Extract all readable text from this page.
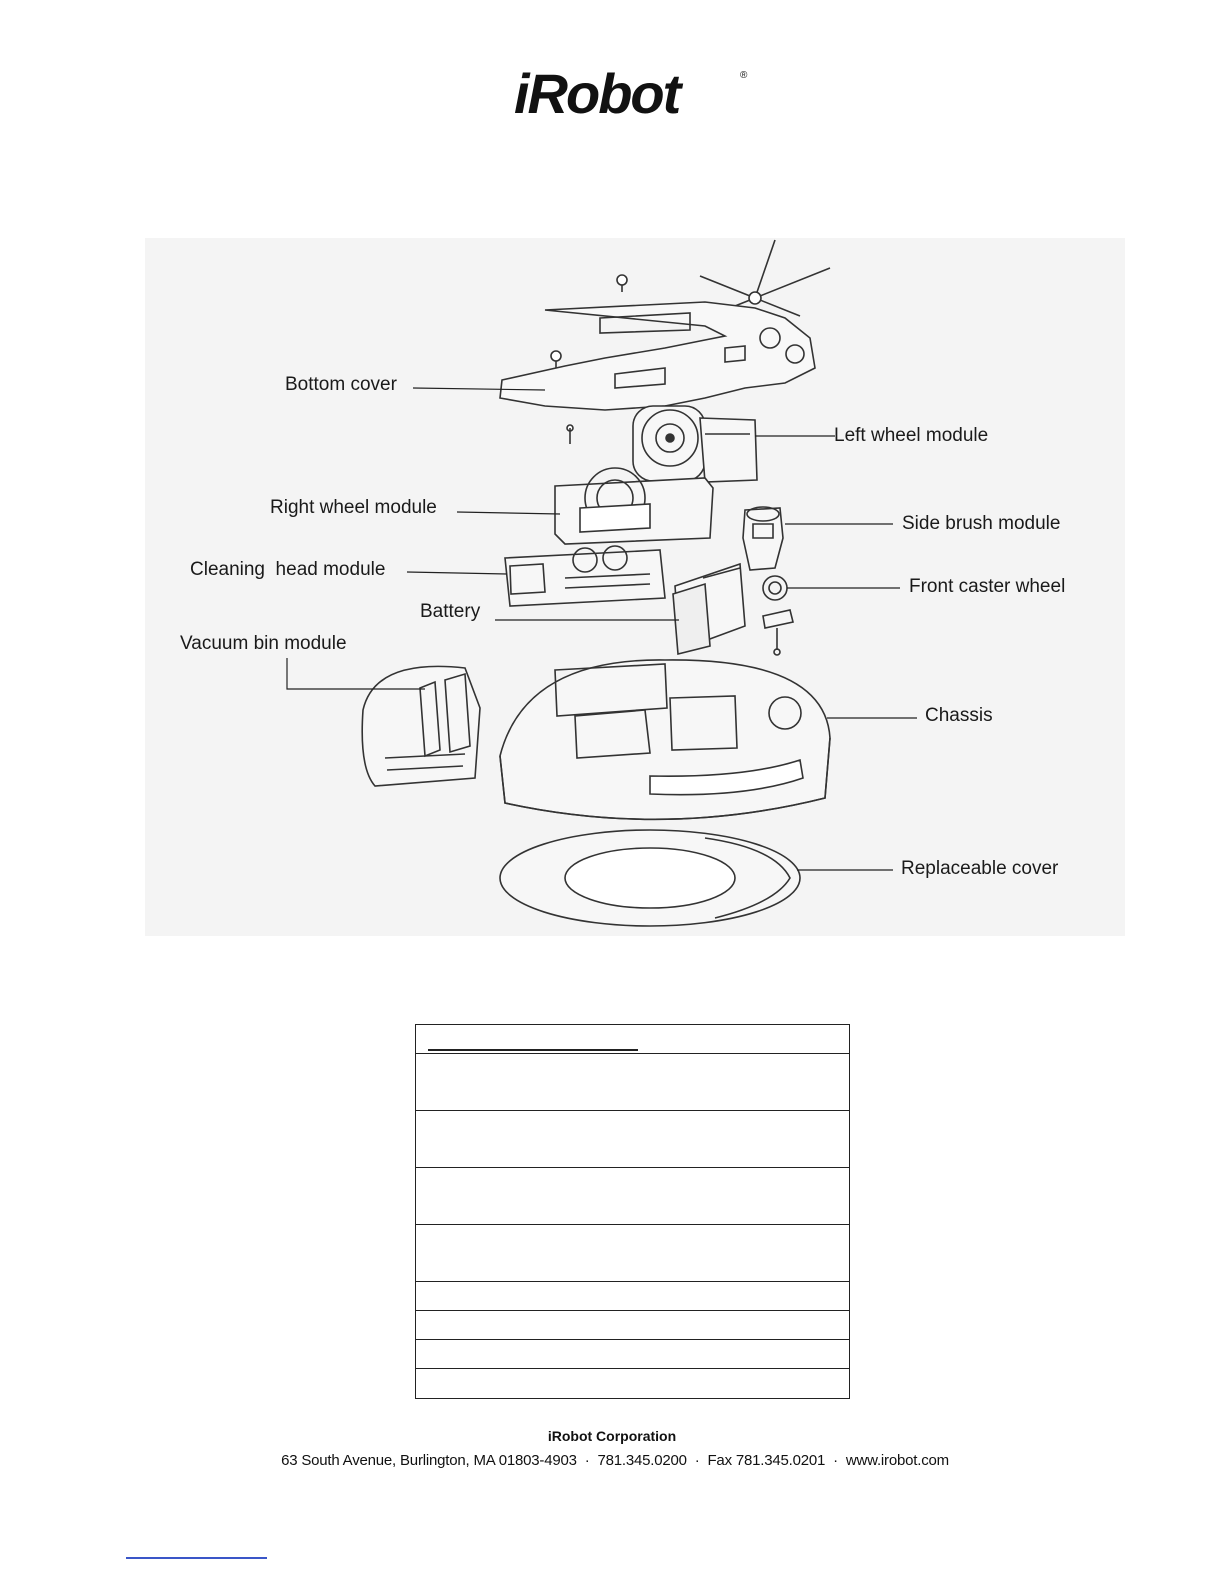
iRobot	®
Bottom cover
Left wheel module
Right wheel module
Side brush module
Cleaning  head module
Front caster wheel
Battery
Vacuum bin module
Chassis
Replaceable cover
iRobot Corporation
63 South Avenue, Burlington, MA 01803-4903  ·  781.345.0200  ·  Fax 781.345.0201  ·  www.irobot.com
